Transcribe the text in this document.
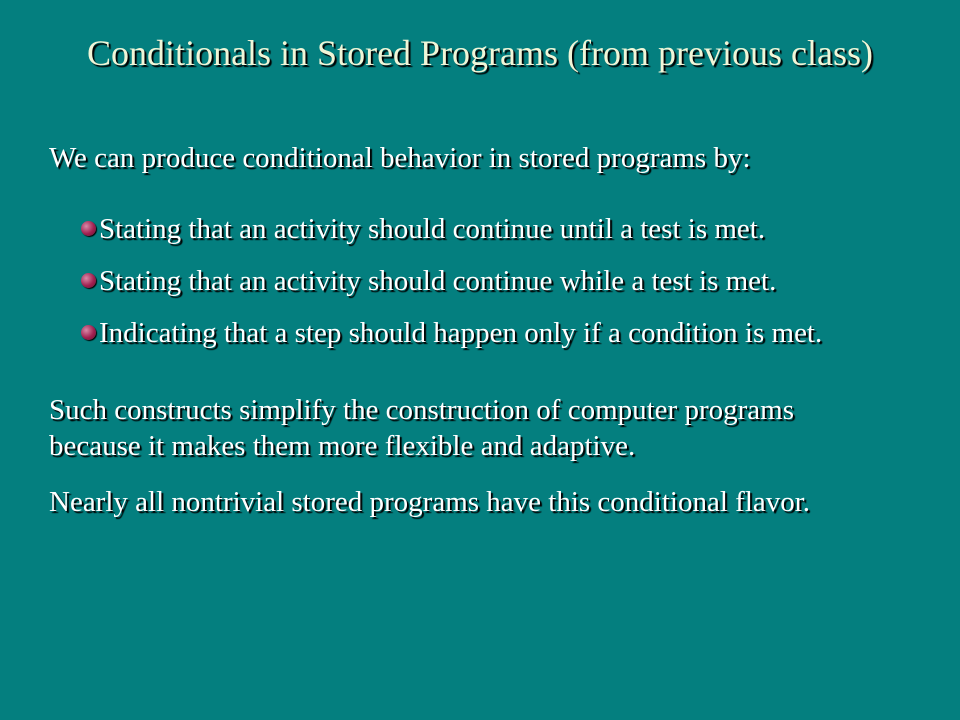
Conditionals in Stored Programs (from previous class)

We can produce conditional behavior in stored programs by:

Stating that an activity should continue until a test is met.
Stating that an activity should continue while a test is met.
Indicating that a step should happen only if a condition is met.
Such constructs simplify the construction of computer programs
because it makes them more flexible and adaptive.

Nearly all nontrivial stored programs have this conditional flavor.
